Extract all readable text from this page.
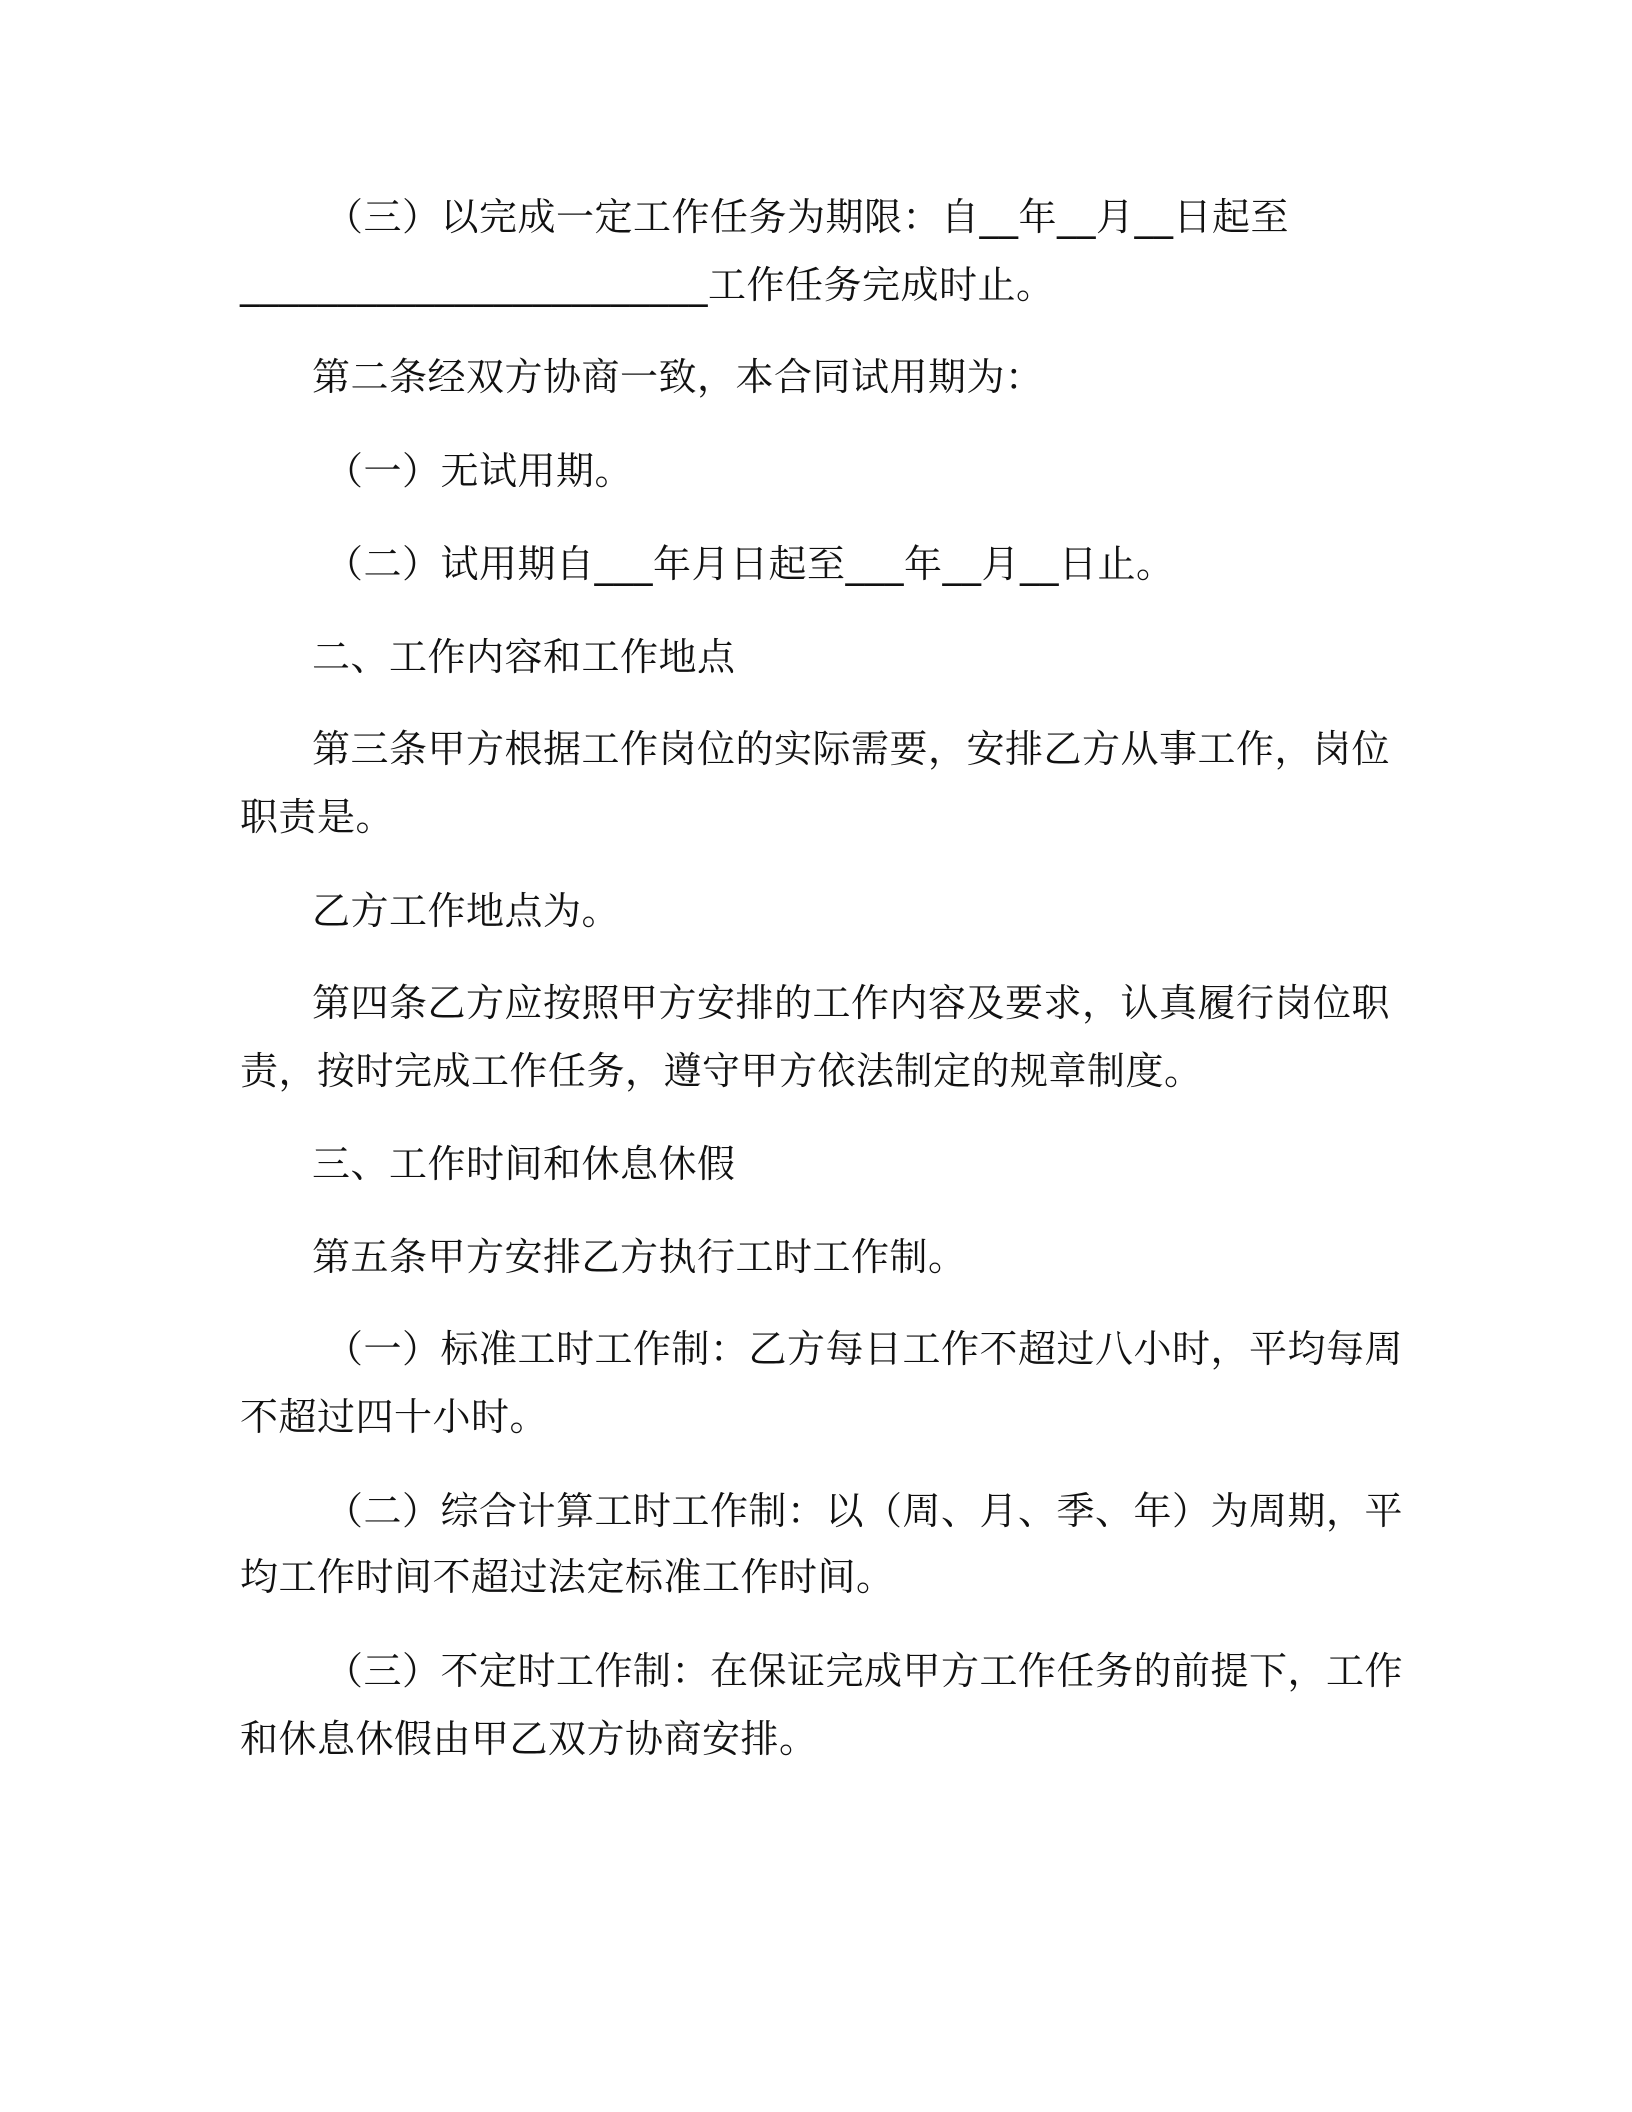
（三）以完成一定工作任务为期限：自__年__月__日起至
________________________工作任务完成时止。
第二条经双方协商一致，本合同试用期为：
（一）无试用期。
（二）试用期自___年月日起至___年__月__日止。
二、工作内容和工作地点
第三条甲方根据工作岗位的实际需要，安排乙方从事工作，岗位
职责是。
乙方工作地点为。
第四条乙方应按照甲方安排的工作内容及要求，认真履行岗位职
责，按时完成工作任务，遵守甲方依法制定的规章制度。
三、工作时间和休息休假
第五条甲方安排乙方执行工时工作制。
（一）标准工时工作制：乙方每日工作不超过八小时，平均每周
不超过四十小时。
（二）综合计算工时工作制：以（周、月、季、年）为周期，平
均工作时间不超过法定标准工作时间。
（三）不定时工作制：在保证完成甲方工作任务的前提下，工作
和休息休假由甲乙双方协商安排。
